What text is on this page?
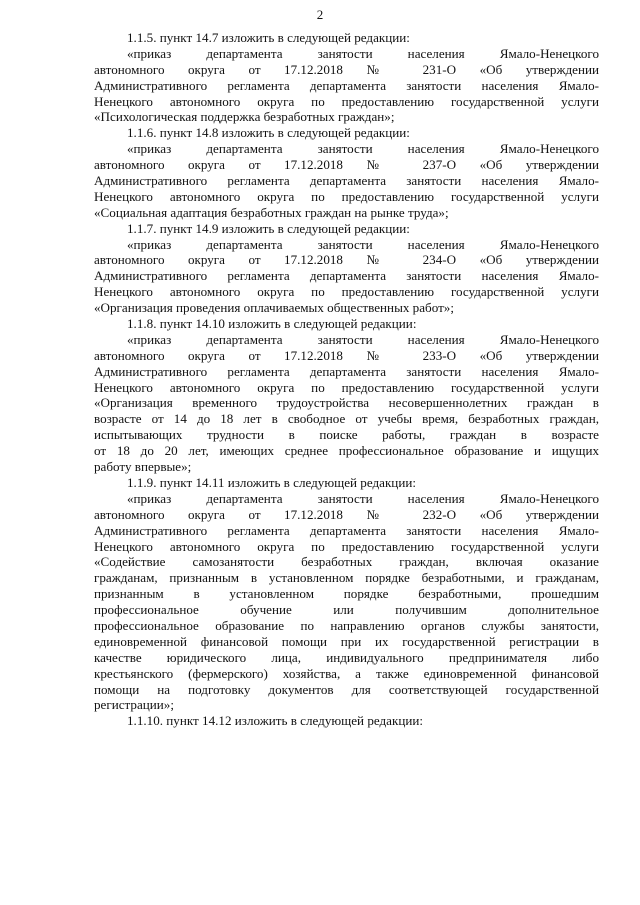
2
1.1.5. пункт 14.7 изложить в следующей редакции:
«приказ департамента занятости населения Ямало-Ненецкого
автономного округа от 17.12.2018 № 231-О «Об утверждении
Административного регламента департамента занятости населения Ямало-
Ненецкого автономного округа по предоставлению государственной услуги
«Психологическая поддержка безработных граждан»;
1.1.6. пункт 14.8 изложить в следующей редакции:
«приказ департамента занятости населения Ямало-Ненецкого
автономного округа от 17.12.2018 № 237-О «Об утверждении
Административного регламента департамента занятости населения Ямало-
Ненецкого автономного округа по предоставлению государственной услуги
«Социальная адаптация безработных граждан на рынке труда»;
1.1.7. пункт 14.9 изложить в следующей редакции:
«приказ департамента занятости населения Ямало-Ненецкого
автономного округа от 17.12.2018 № 234-О «Об утверждении
Административного регламента департамента занятости населения Ямало-
Ненецкого автономного округа по предоставлению государственной услуги
«Организация проведения оплачиваемых общественных работ»;
1.1.8. пункт 14.10 изложить в следующей редакции:
«приказ департамента занятости населения Ямало-Ненецкого
автономного округа от 17.12.2018 № 233-О «Об утверждении
Административного регламента департамента занятости населения Ямало-
Ненецкого автономного округа по предоставлению государственной услуги
«Организация временного трудоустройства несовершеннолетних граждан в
возрасте от 14 до 18 лет в свободное от учебы время, безработных граждан,
испытывающих трудности в поиске работы, граждан в возрасте
от 18 до 20 лет, имеющих среднее профессиональное образование и ищущих
работу впервые»;
1.1.9. пункт 14.11 изложить в следующей редакции:
«приказ департамента занятости населения Ямало-Ненецкого
автономного округа от 17.12.2018 № 232-О «Об утверждении
Административного регламента департамента занятости населения Ямало-
Ненецкого автономного округа по предоставлению государственной услуги
«Содействие самозанятости безработных граждан, включая оказание
гражданам, признанным в установленном порядке безработными, и гражданам,
признанным в установленном порядке безработными, прошедшим
профессиональное обучение или получившим дополнительное
профессиональное образование по направлению органов службы занятости,
единовременной финансовой помощи при их государственной регистрации в
качестве юридического лица, индивидуального предпринимателя либо
крестьянского (фермерского) хозяйства, а также единовременной финансовой
помощи на подготовку документов для соответствующей государственной
регистрации»;
1.1.10. пункт 14.12 изложить в следующей редакции:
